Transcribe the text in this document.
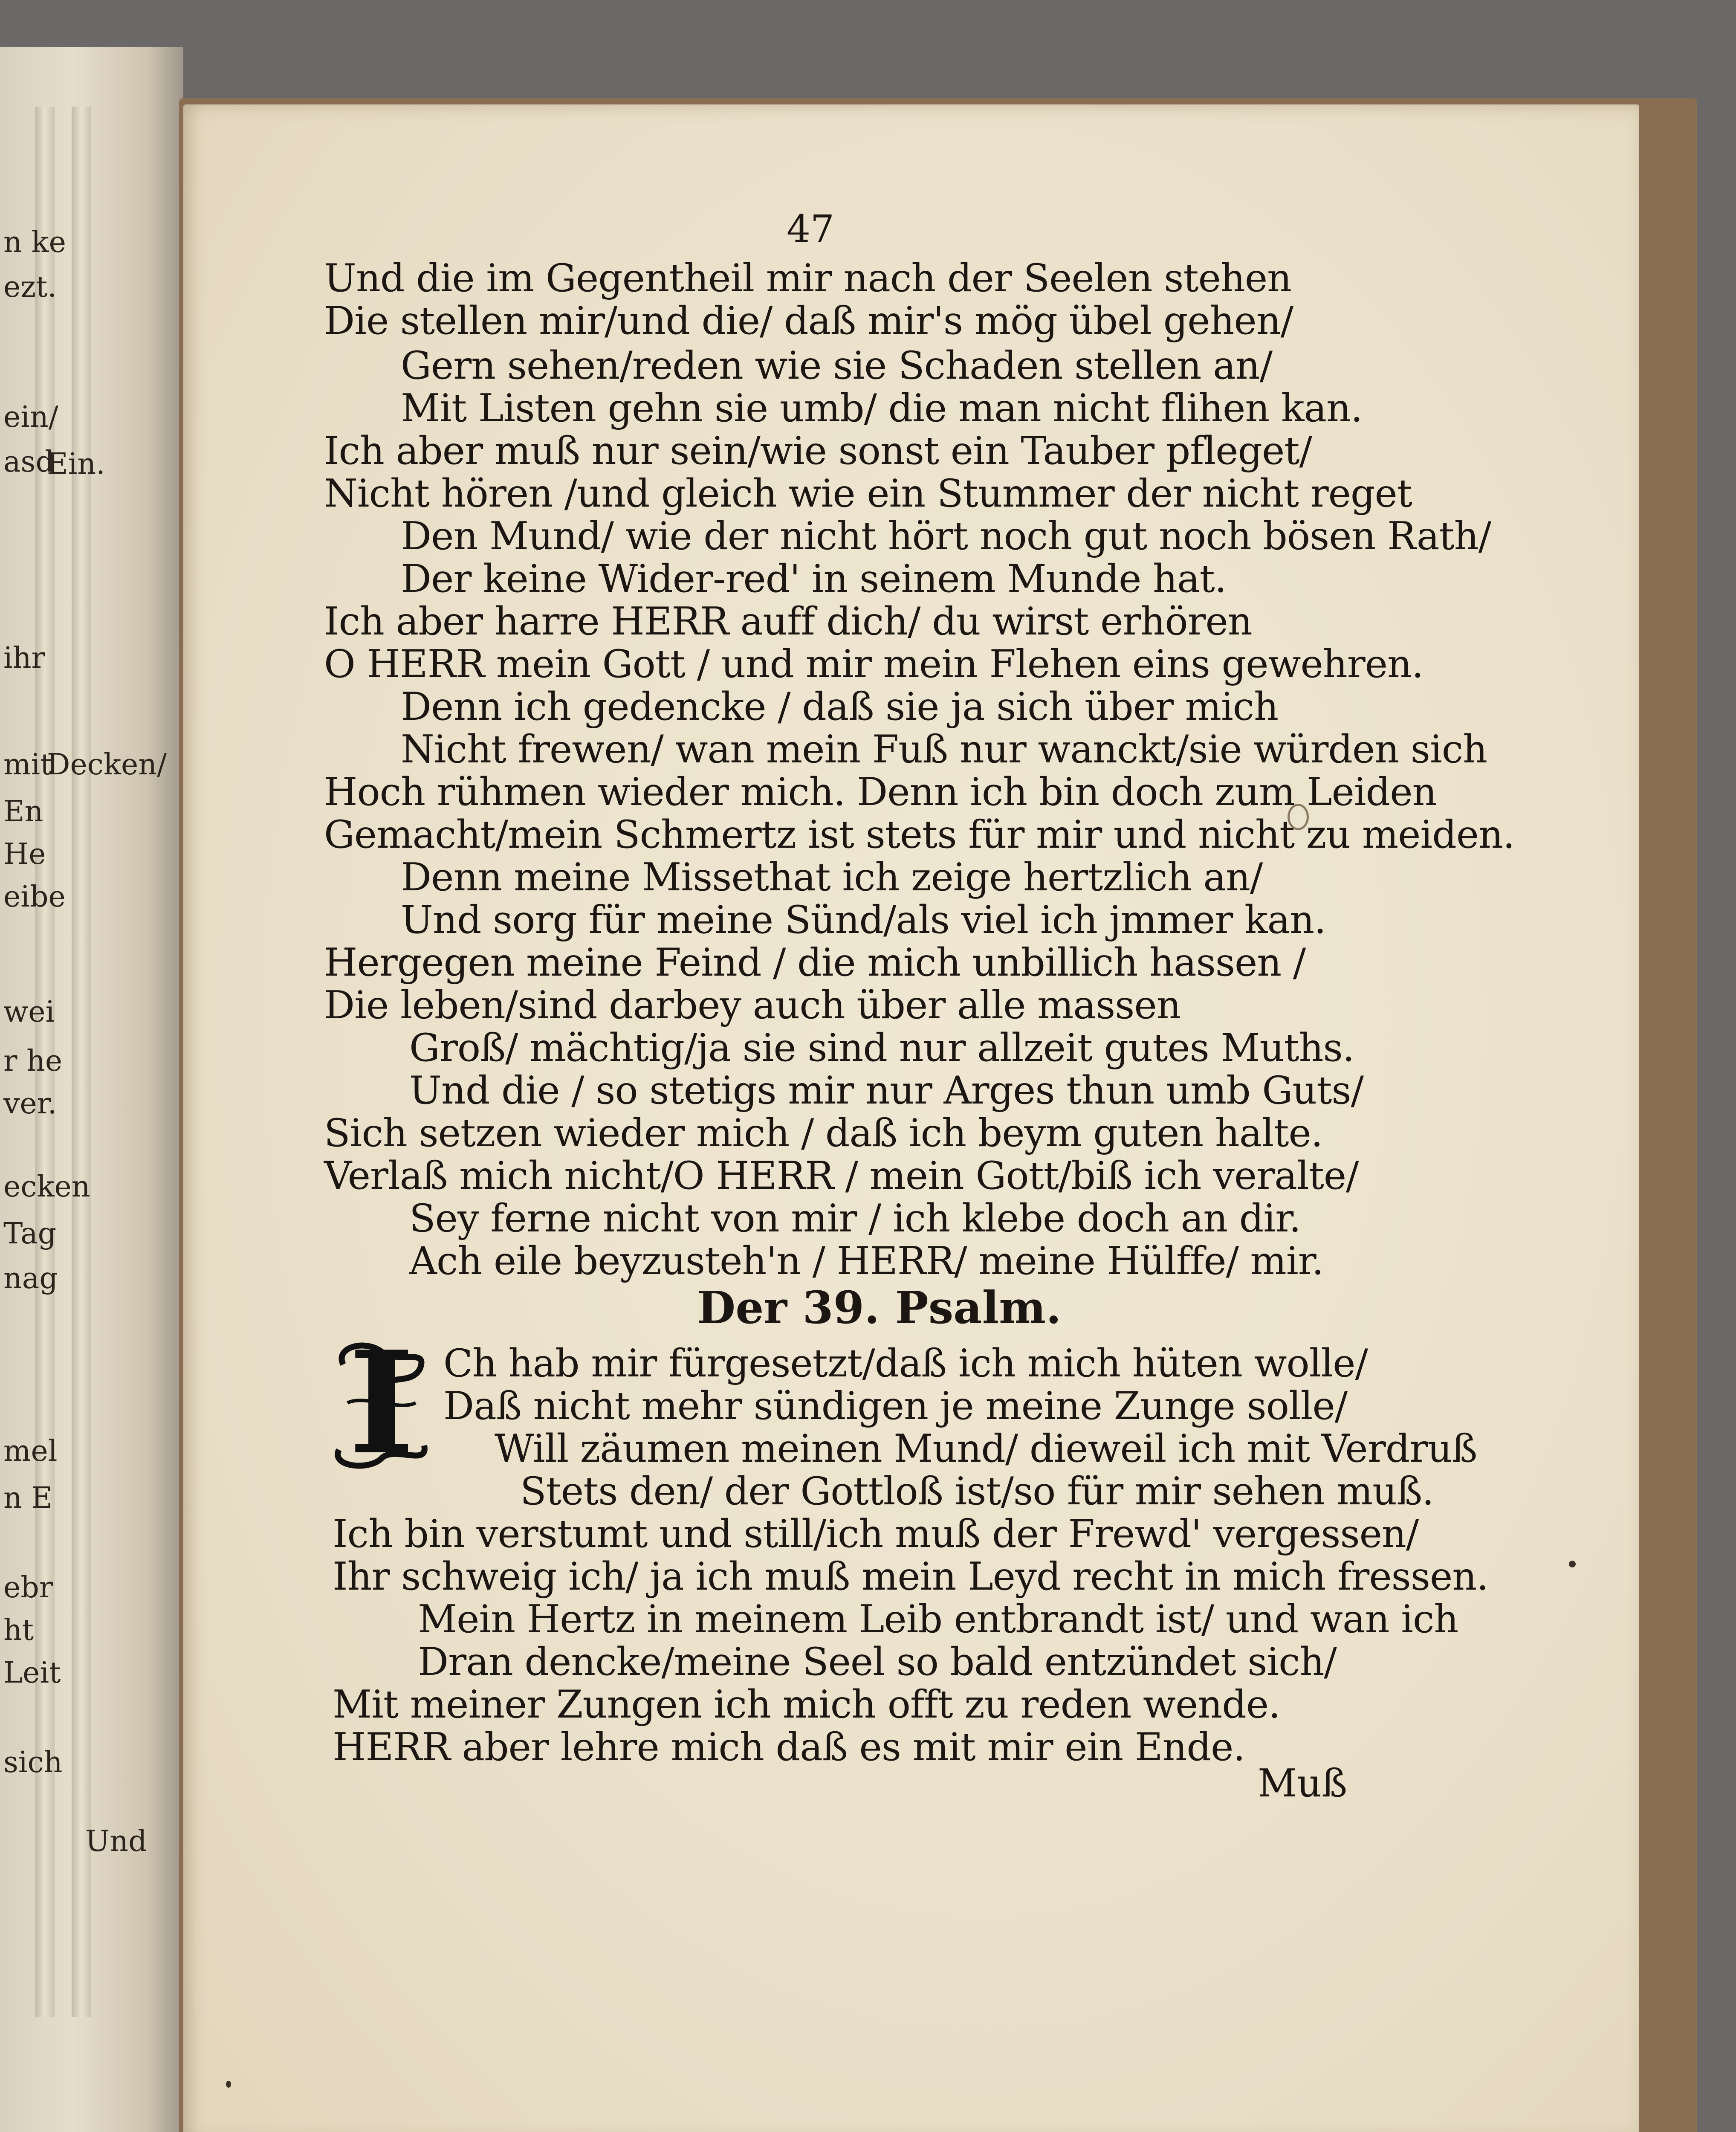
n ke
ezt.
ein/
asd
Ein.
ihr
Decken/
mit
En
He
eibe
wei
r he
ver.
ecken
Tag
nag
mel
n E
ebr
ht
Leit
sich
Und
47
Und die im Gegentheil mir nach der Seelen stehen
Die stellen mir/und die/ daß mir's mög übel gehen/
Gern sehen/reden wie sie Schaden stellen an/
Mit Listen gehn sie umb/ die man nicht flihen kan.
Ich aber muß nur sein/wie sonst ein Tauber pfleget/
Nicht hören /und gleich wie ein Stummer der nicht reget
Den Mund/ wie der nicht hört noch gut noch bösen Rath/
Der keine Wider-red' in seinem Munde hat.
Ich aber harre HERR auff dich/ du wirst erhören
O HERR mein Gott / und mir mein Flehen eins gewehren.
Denn ich gedencke / daß sie ja sich über mich
Nicht frewen/ wan mein Fuß nur wanckt/sie würden sich
Hoch rühmen wieder mich. Denn ich bin doch zum Leiden
Gemacht/mein Schmertz ist stets für mir und nicht zu meiden.
Denn meine Missethat ich zeige hertzlich an/
Und sorg für meine Sünd/als viel ich jmmer kan.
Hergegen meine Feind / die mich unbillich hassen /
Die leben/sind darbey auch über alle massen
Groß/ mächtig/ja sie sind nur allzeit gutes Muths.
Und die / so stetigs mir nur Arges thun umb Guts/
Sich setzen wieder mich / daß ich beym guten halte.
Verlaß mich nicht/O HERR / mein Gott/biß ich veralte/
Sey ferne nicht von mir / ich klebe doch an dir.
Ach eile beyzusteh'n / HERR/ meine Hülffe/ mir.
Der 39. Psalm.
I Ch hab mir fürgesetzt/daß ich mich hüten wolle/
Daß nicht mehr sündigen je meine Zunge solle/
Will zäumen meinen Mund/ dieweil ich mit Verdruß
Stets den/ der Gottloß ist/so für mir sehen muß.
Ich bin verstumt und still/ich muß der Frewd' vergessen/
Ihr schweig ich/ ja ich muß mein Leyd recht in mich fressen.
Mein Hertz in meinem Leib entbrandt ist/ und wan ich
Dran dencke/meine Seel so bald entzündet sich/
Mit meiner Zungen ich mich offt zu reden wende.
HERR aber lehre mich daß es mit mir ein Ende.
Muß
